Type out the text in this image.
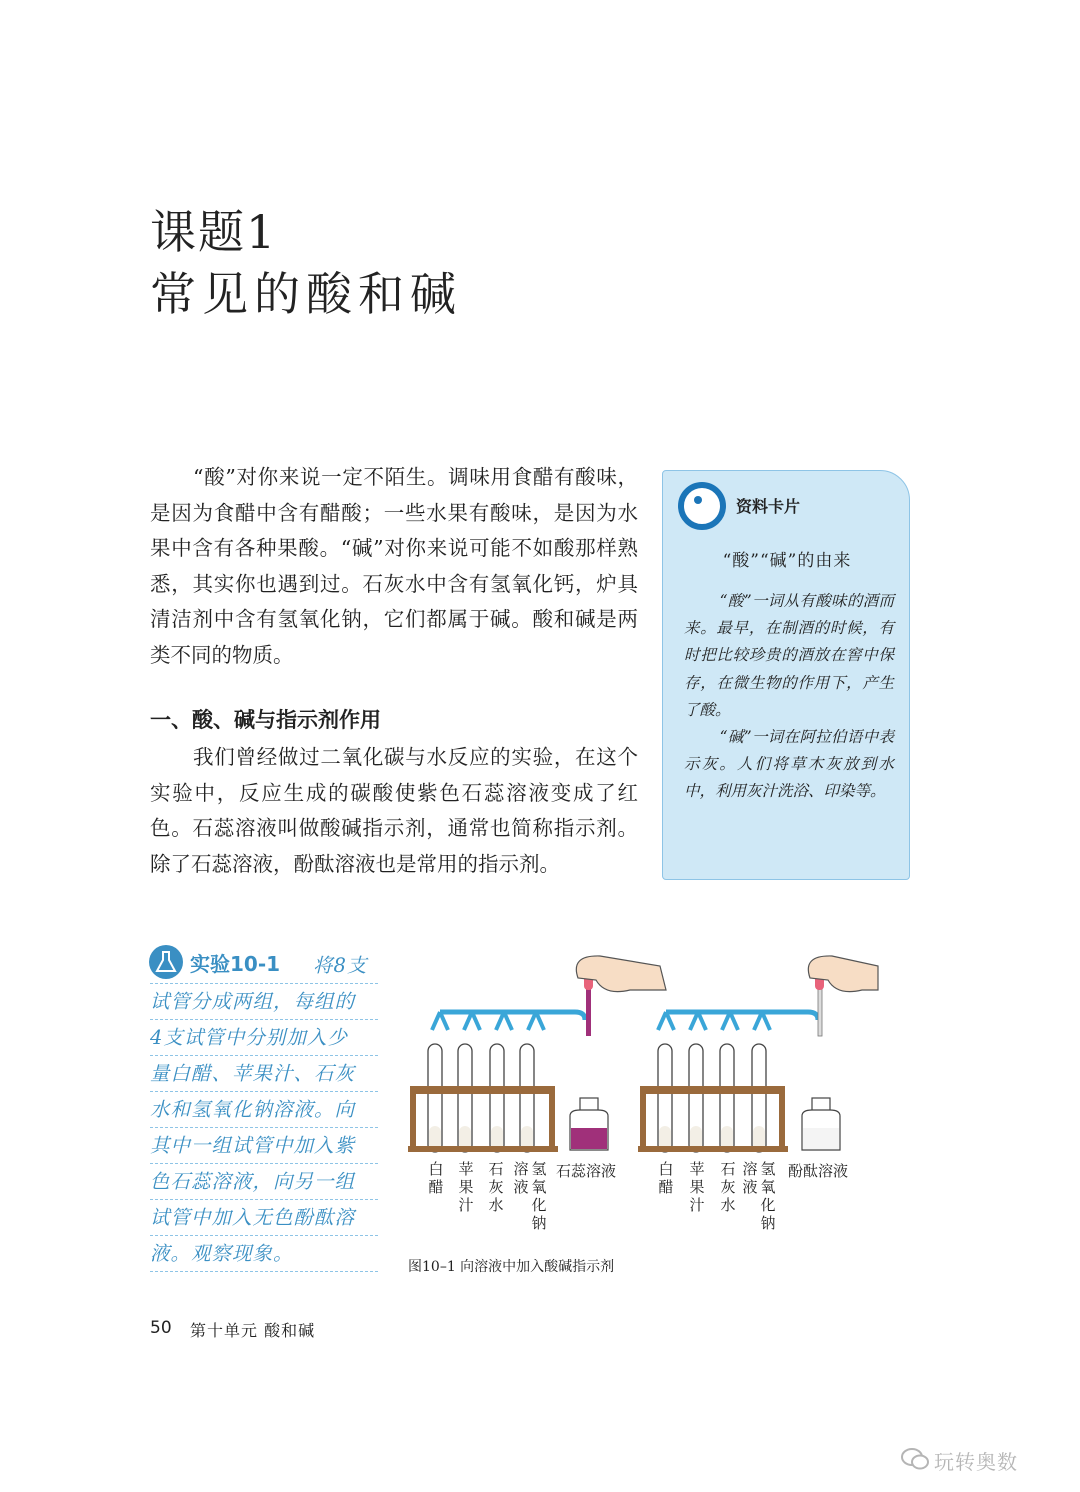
课题1
常见的酸和碱

“酸”对你来说一定不陌生。调味用食醋有酸味，是因为食醋中含有醋酸；一些水果有酸味，是因为水果中含有各种果酸。“碱”对你来说可能不如酸那样熟悉，其实你也遇到过。石灰水中含有氢氧化钙，炉具清洁剂中含有氢氧化钠，它们都属于碱。酸和碱是两类不同的物质。

一、酸、碱与指示剂作用

我们曾经做过二氧化碳与水反应的实验，在这个实验中，反应生成的碳酸使紫色石蕊溶液变成了红色。石蕊溶液叫做酸碱指示剂，通常也简称指示剂。除了石蕊溶液，酚酞溶液也是常用的指示剂。

资料卡片
“酸”“碱”的由来

“酸”一词从有酸味的酒而来。最早，在制酒的时候，有时把比较珍贵的酒放在窖中保存，在微生物的作用下，产生了酸。

“碱”一词在阿拉伯语中表示灰。人们将草木灰放到水中，利用灰汁洗浴、印染等。

实验10-1	将8支
试管分成两组，每组的
4支试管中分别加入少
量白醋、苹果汁、石灰
水和氢氧化钠溶液。向
其中一组试管中加入紫
色石蕊溶液，向另一组
试管中加入无色酚酞溶
液。观察现象。
白
醋
苹
果
汁
石
灰
水
溶
液
氢
氧
化
钠
石蕊溶液	白
醋
苹
果
汁
石
灰
水
溶
液
氢
氧
化
钠
酚酞溶液
图10–1 向溶液中加入酸碱指示剂
50 第十单元 酸和碱
玩转奥数
